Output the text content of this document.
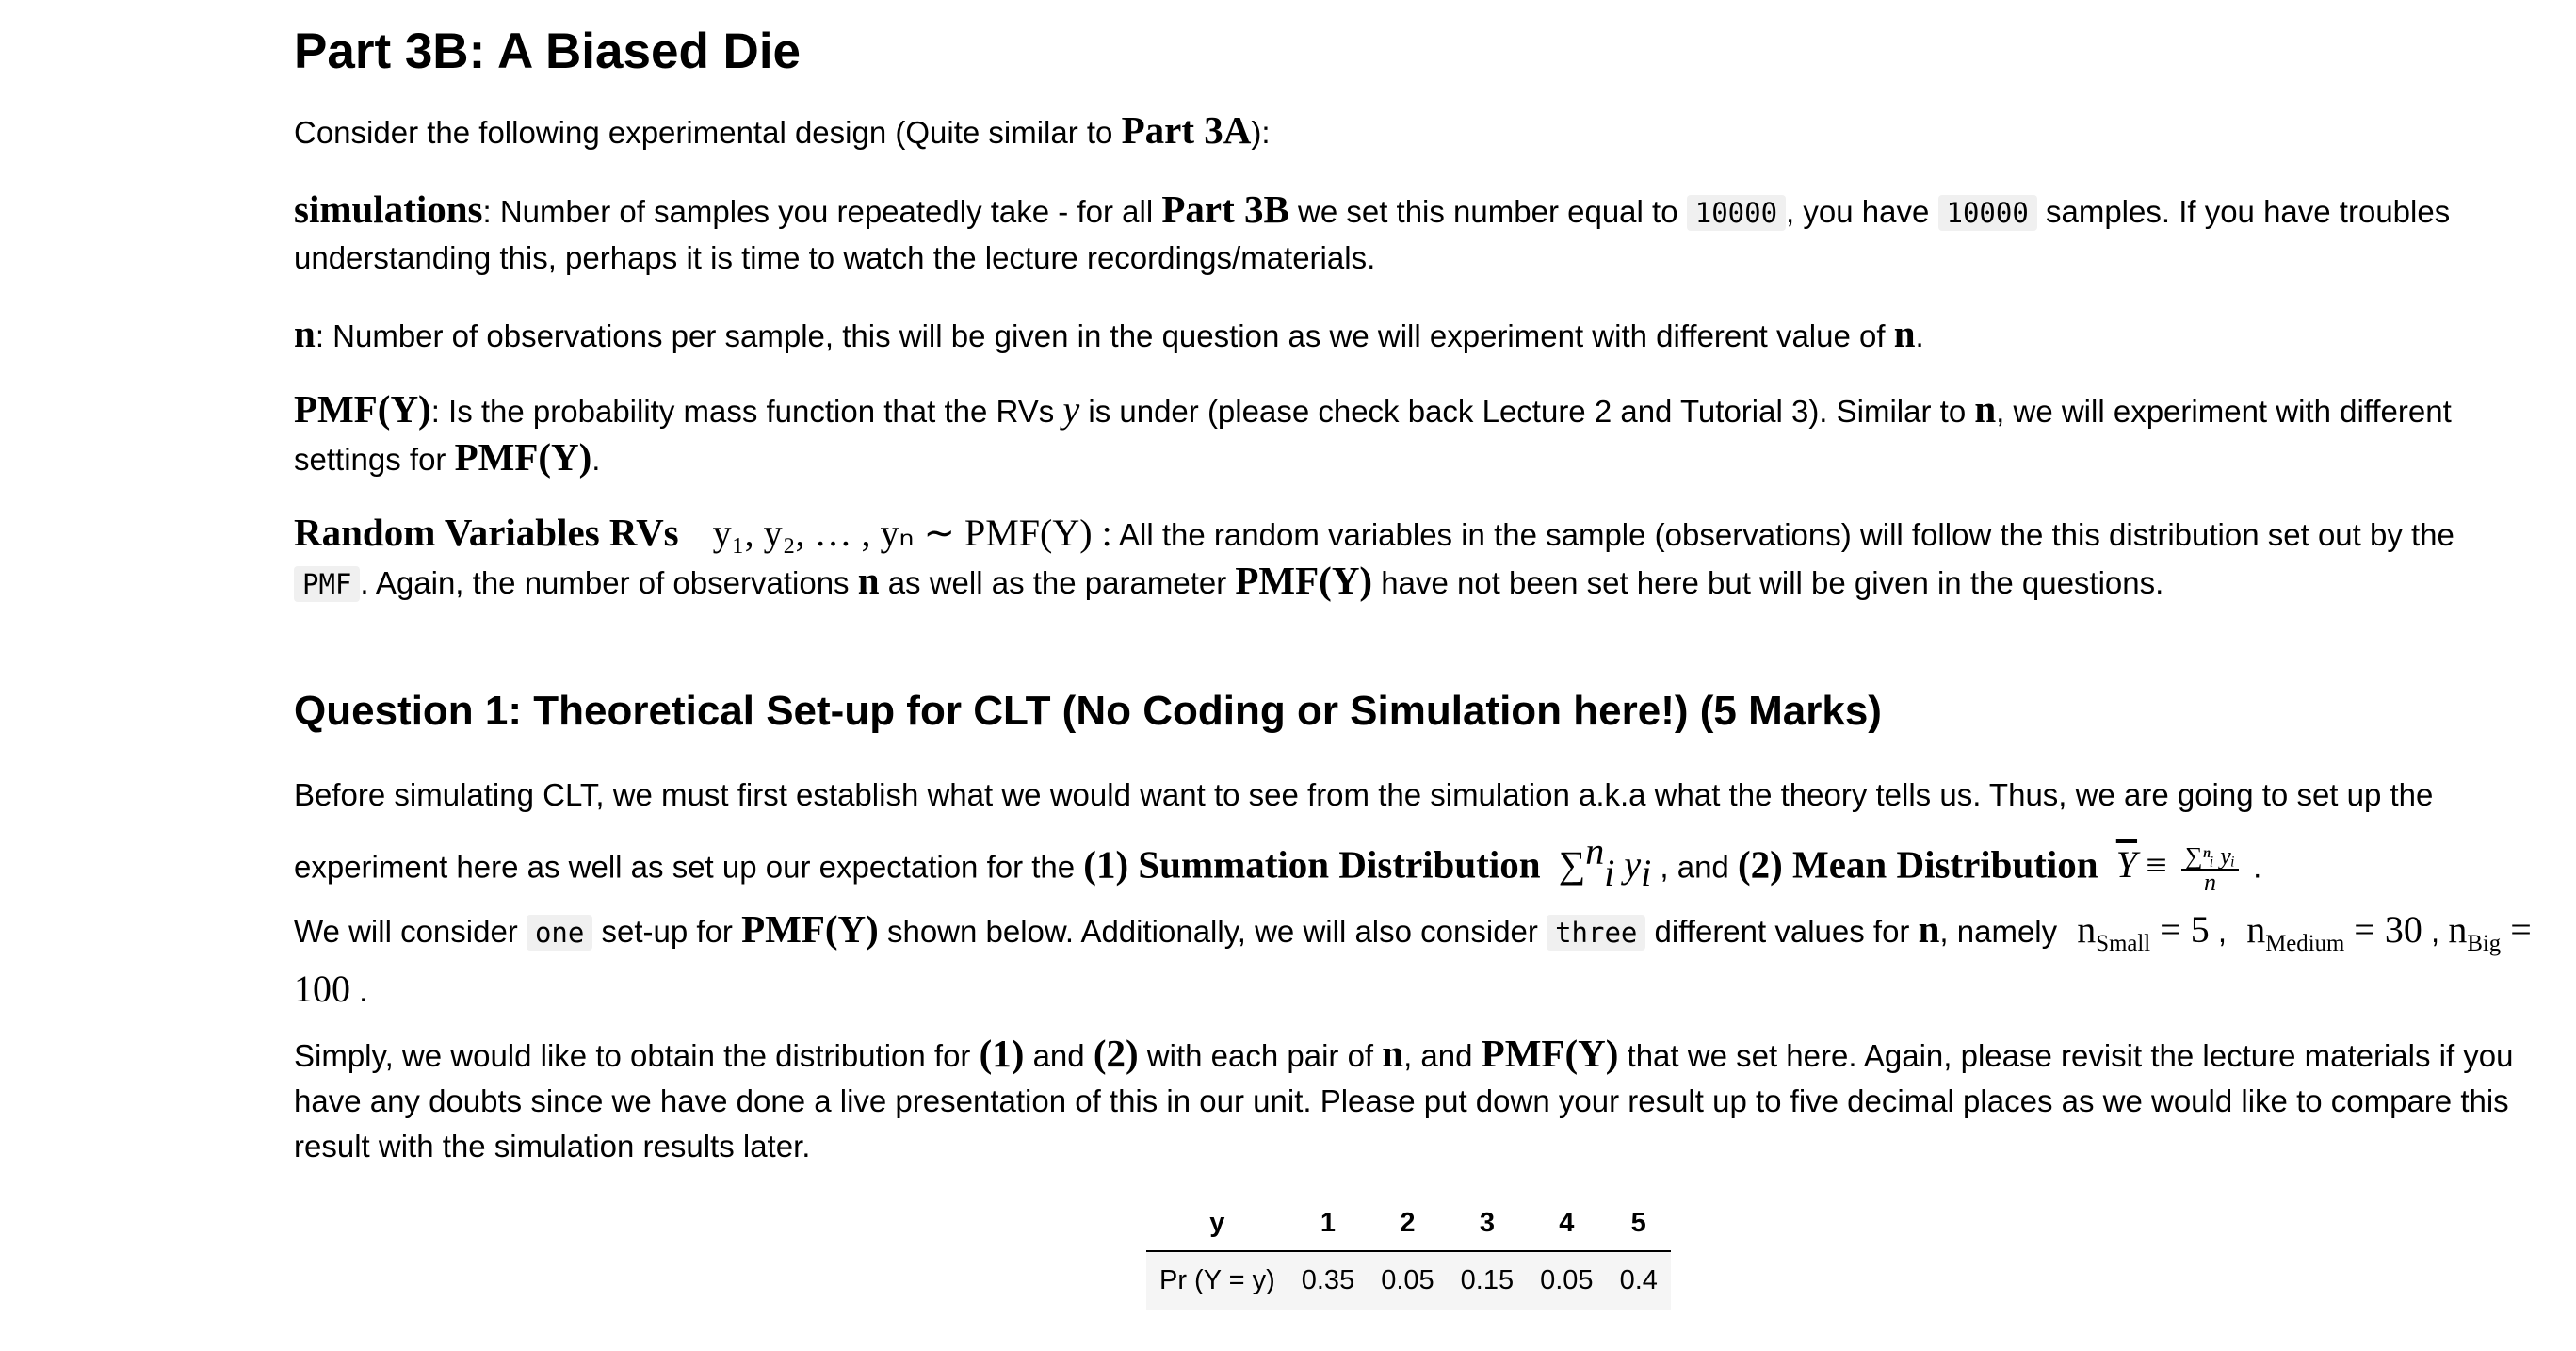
Part 3B: A Biased Die

Consider the following experimental design (Quite similar to Part 3A):

simulations: Number of samples you repeatedly take - for all Part 3B we set this number equal to 10000 , you have 10000 samples. If you have troubles understanding this, perhaps it is time to watch the lecture recordings/materials.

n: Number of observations per sample, this will be given in the question as we will experiment with different value of n.

PMF(Y): Is the probability mass function that the RVs y is under (please check back Lecture 2 and Tutorial 3). Similar to n, we will experiment with different settings for PMF(Y).

Random Variables RVs y₁, y₂, … , yₙ ∼ PMF(Y) : All the random variables in the sample (observations) will follow the this distribution set out by the PMF . Again, the number of observations n as well as the parameter PMF(Y) have not been set here but will be given in the questions.

Question 1: Theoretical Set-up for CLT (No Coding or Simulation here!) (5 Marks)

Before simulating CLT, we must first establish what we would want to see from the simulation a.k.a what the theory tells us. Thus, we are going to set up the experiment here as well as set up our expectation for the (1) Summation Distribution ∑$^n_i$ $y_i$ , and (2) Mean Distribution $\overline{Y} \equiv \frac{\text{∑ⁿᵢ yᵢ}}{n}$ .

We will consider one set-up for PMF(Y) shown below. Additionally, we will also consider three different values for n, namely $n_{Small} = 5$ , $n_{Medium} = 30$ , $n_{Big} = 100$ .

Simply, we would like to obtain the distribution for (1) and (2) with each pair of n, and PMF(Y) that we set here. Again, please revisit the lecture materials if you have any doubts since we have done a live presentation of this in our unit. Please put down your result up to five decimal places as we would like to compare this result with the simulation results later.

y	1	2	3	4	5
Pr (Y = y)	0.35	0.05	0.15	0.05	0.4
